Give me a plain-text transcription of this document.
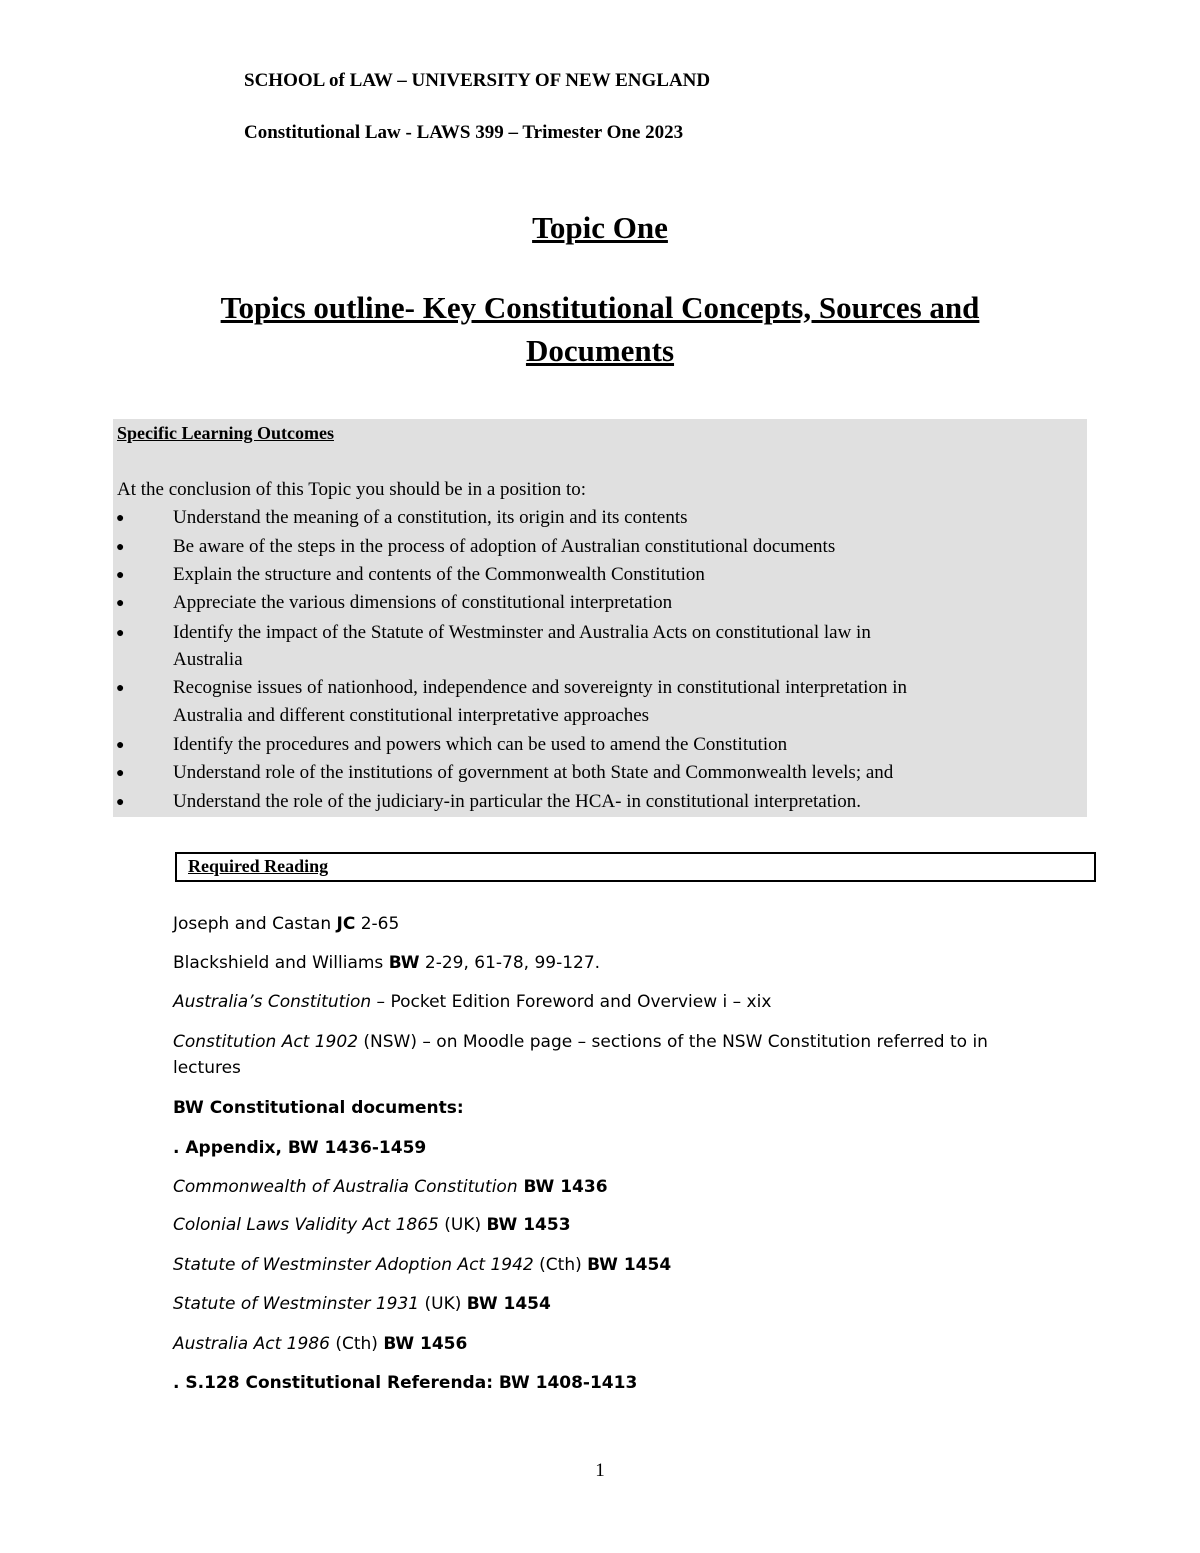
SCHOOL of LAW – UNIVERSITY OF NEW ENGLAND

Constitutional Law - LAWS 399 – Trimester One 2023

Topic One

Topics outline- Key Constitutional Concepts, Sources and

Documents

Specific Learning Outcomes

At the conclusion of this Topic you should be in a position to:

●	Understand the meaning of a constitution, its origin and its contents
●	Be aware of the steps in the process of adoption of Australian constitutional documents
●	Explain the structure and contents of the Commonwealth Constitution
●	Appreciate the various dimensions of constitutional interpretation
●	Identify the impact of the Statute of Westminster and Australia Acts on constitutional law in
Australia
●	Recognise issues of nationhood, independence and sovereignty in constitutional interpretation in
Australia and different constitutional interpretative approaches
●	Identify the procedures and powers which can be used to amend the Constitution
●	Understand role of the institutions of government at both State and Commonwealth levels; and
●	Understand the role of the judiciary-in particular the HCA- in constitutional interpretation.

Required Reading

Joseph and Castan JC 2-65

Blackshield and Williams BW 2-29, 61-78, 99-127.

Australia’s Constitution – Pocket Edition Foreword and Overview i – xix

Constitution Act 1902 (NSW) – on Moodle page – sections of the NSW Constitution referred to in

lectures

BW Constitutional documents:

. Appendix, BW 1436-1459

Commonwealth of Australia Constitution BW 1436

Colonial Laws Validity Act 1865 (UK) BW 1453

Statute of Westminster Adoption Act 1942 (Cth) BW 1454

Statute of Westminster 1931 (UK) BW 1454

Australia Act 1986 (Cth) BW 1456

. S.128 Constitutional Referenda: BW 1408-1413

1
